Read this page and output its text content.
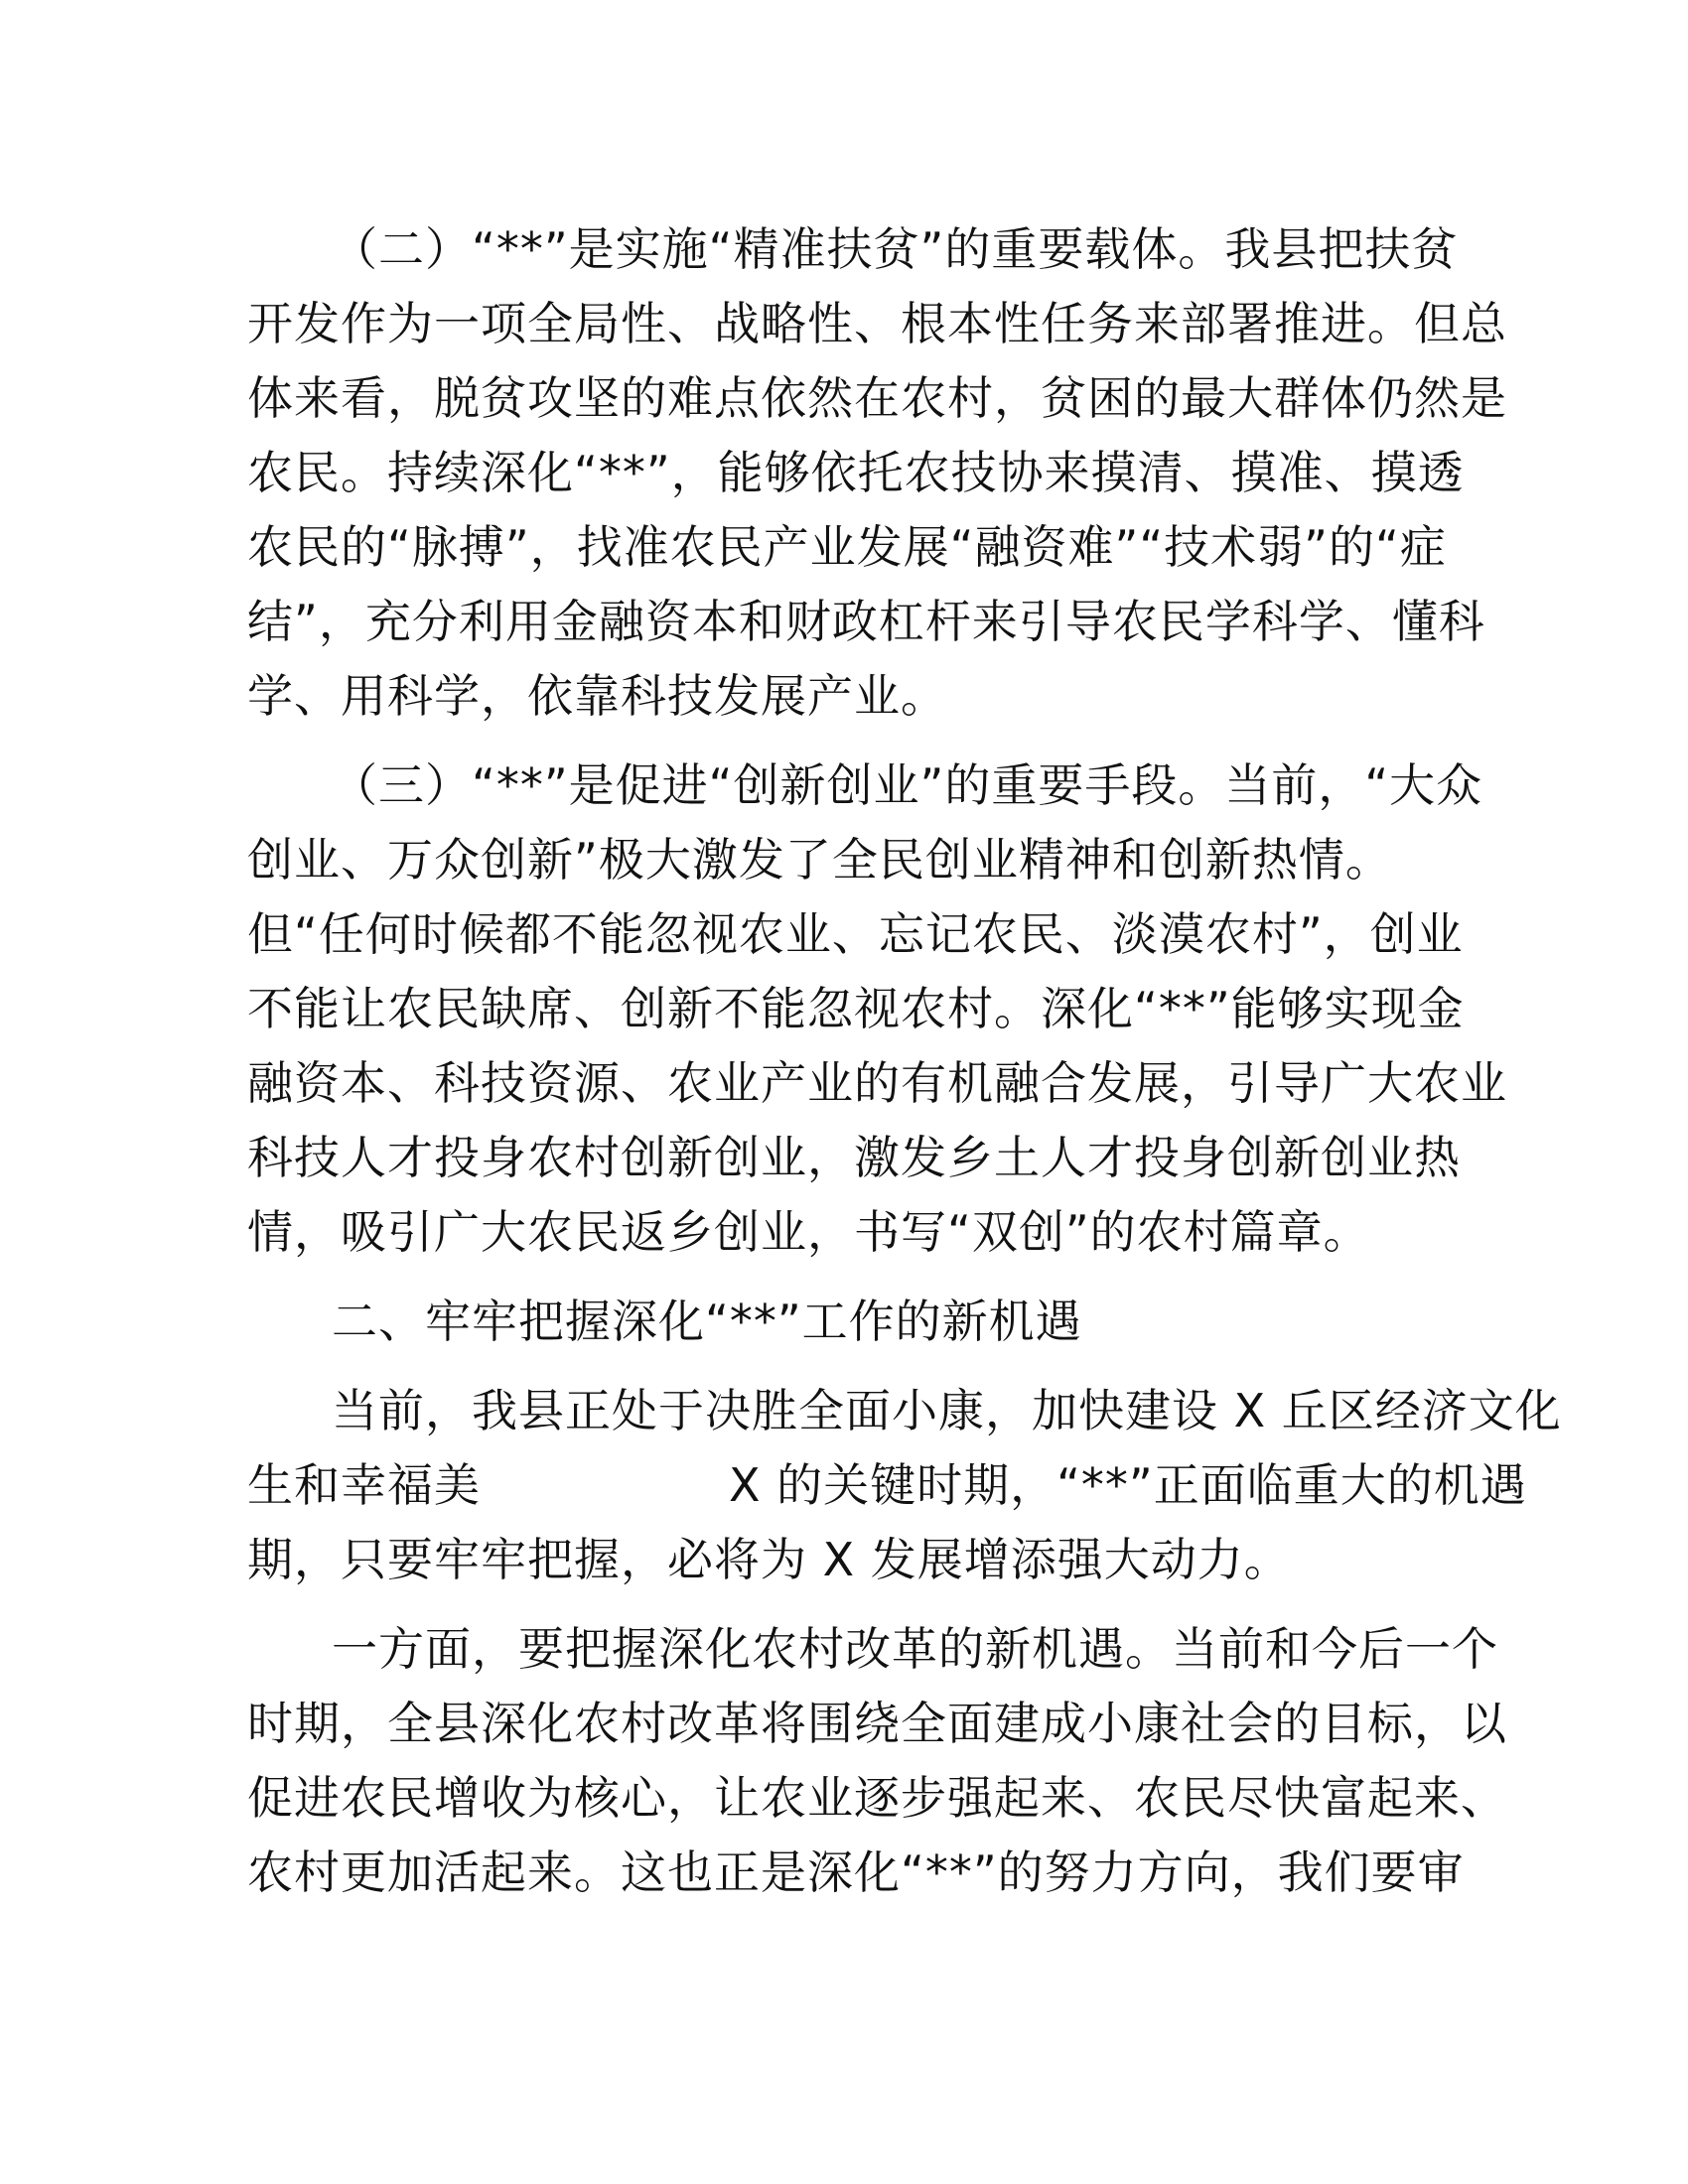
（二）“**”是实施“精准扶贫”的重要载体。我县把扶贫
开发作为一项全局性、战略性、根本性任务来部署推进。但总
体来看，脱贫攻坚的难点依然在农村，贫困的最大群体仍然是
农民。持续深化“**”，能够依托农技协来摸清、摸准、摸透
农民的“脉搏”，找准农民产业发展“融资难”“技术弱”的“症
结”，充分利用金融资本和财政杠杆来引导农民学科学、懂科
学、用科学，依靠科技发展产业。
（三）“**”是促进“创新创业”的重要手段。当前，“大众
创业、万众创新”极大激发了全民创业精神和创新热情。
但“任何时候都不能忽视农业、忘记农民、淡漠农村”，创业
不能让农民缺席、创新不能忽视农村。深化“**”能够实现金
融资本、科技资源、农业产业的有机融合发展，引导广大农业
科技人才投身农村创新创业，激发乡土人才投身创新创业热
情，吸引广大农民返乡创业，书写“双创”的农村篇章。
二、牢牢把握深化“**”工作的新机遇
当前，我县正处于决胜全面小康，加快建设 X 丘区经济文化
生和幸福美                X 的关键时期，“**”正面临重大的机遇
期，只要牢牢把握，必将为 X 发展增添强大动力。
一方面，要把握深化农村改革的新机遇。当前和今后一个
时期，全县深化农村改革将围绕全面建成小康社会的目标，以
促进农民增收为核心，让农业逐步强起来、农民尽快富起来、
农村更加活起来。这也正是深化“**”的努力方向，我们要审
